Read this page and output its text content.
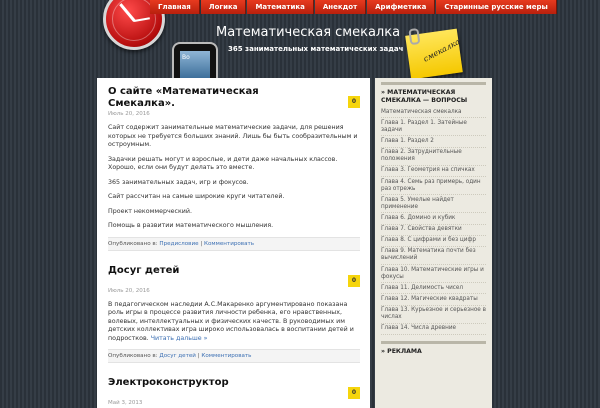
Главная	Логика	Математика	Анекдот	Арифметика	Старинные русские меры
Bo
Математическая смекалка
365 занимательных математических задач смекалка
О сайте «Математическая Смекалка».	0
Июль 20, 2016

Сайт содержит занимательные математические задачи, для решения которых не требуется больших знаний. Лишь бы быть сообразительным и остроумным.

Задачки решать могут и взрослые, и дети даже начальных классов. Хорошо, если они будут делать это вместе.

365 занимательных задач, игр и фокусов.

Сайт рассчитан на самые широкие круги читателей.

Проект некоммерческий.

Помощь в развитии математического мышления.

Опубликовано в: Предисловие | Комментировать
Досуг детей
0
Июль 20, 2016

В педагогическом наследии А.С.Макаренко аргументировано показана роль игры в процессе развития личности ребенка, его нравственных, волевых, интеллектуальных и физических качеств. В руководимых им детских коллективах игра широко использовалась в воспитании детей и подростков. Читать дальше »

Опубликовано в: Досуг детей | Комментировать
Электроконструктор
0
Май 3, 2013
» МАТЕМАТИЧЕСКАЯ СМЕКАЛКА — ВОПРОСЫ
Математическая смекалка
Глава 1. Раздел 1. Затейные задачи
Глава 1. Раздел 2
Глава 2. Затруднительные положения
Глава 3. Геометрия на спичках
Глава 4. Семь раз примерь, один раз отрежь
Глава 5. Умелые найдет применение
Глава 6. Домино и кубик
Глава 7. Свойства девятки
Глава 8. С цифрами и без цифр
Глава 9. Математика почти без вычислений
Глава 10. Математические игры и фокусы
Глава 11. Делимость чисел
Глава 12. Магические квадраты
Глава 13. Курьезное и серьезное в числах
Глава 14. Числа древние
» РЕКЛАМА
